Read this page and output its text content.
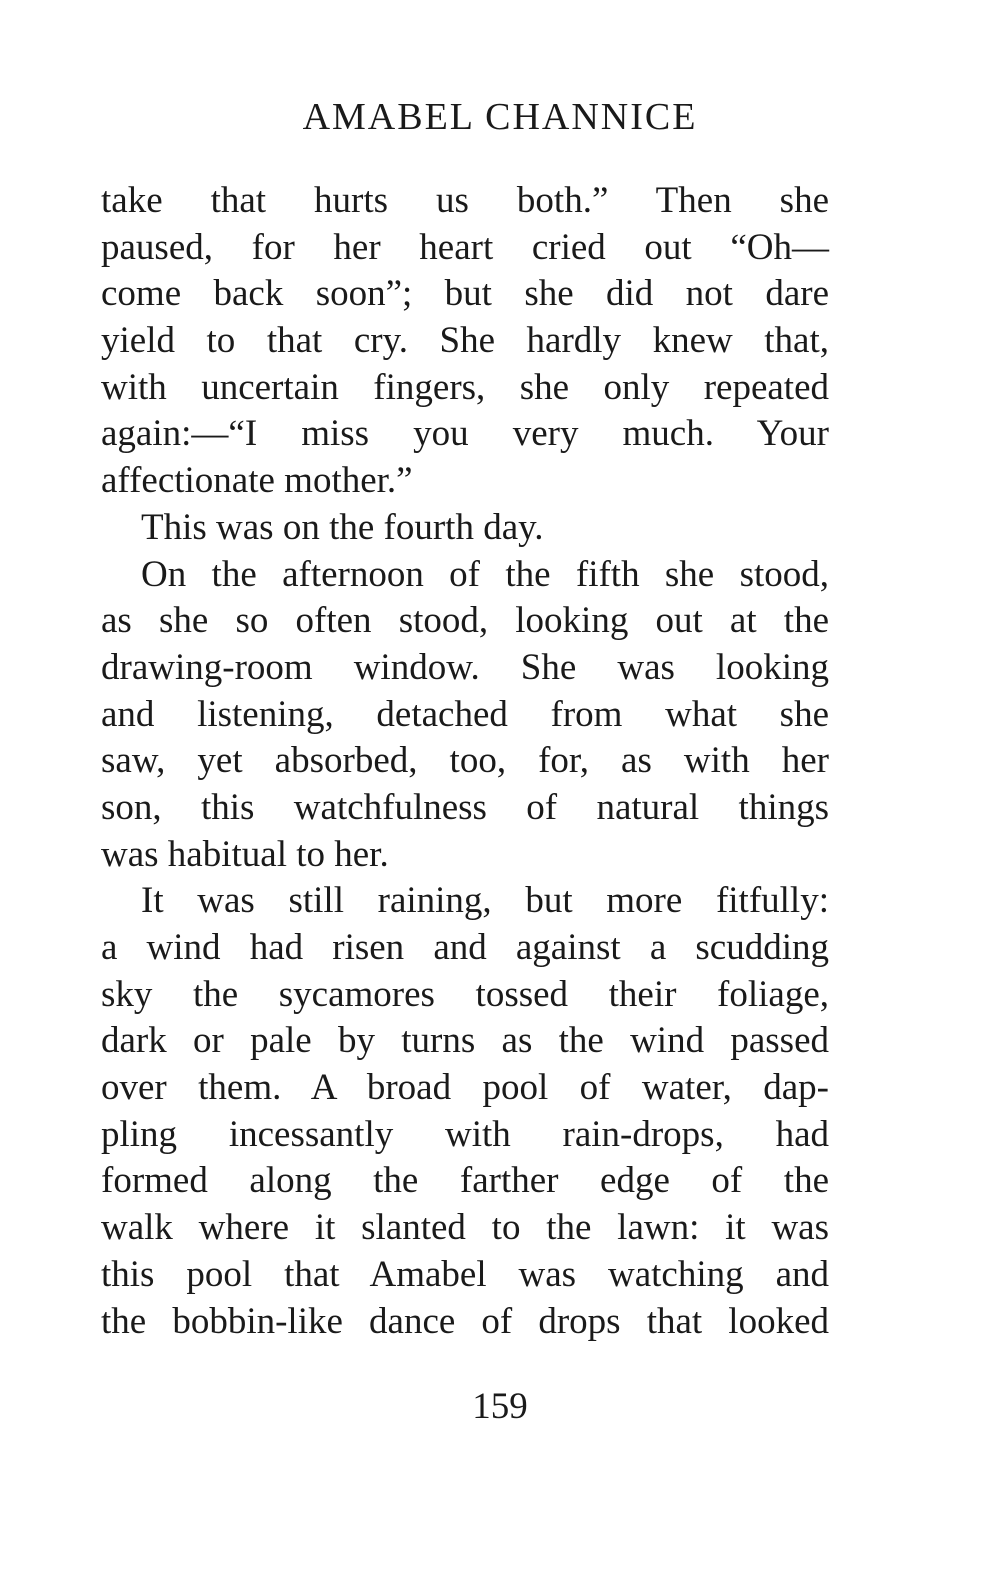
AMABEL CHANNICE
take that hurts us both.” Then she
paused, for her heart cried out “Oh—
come back soon”; but she did not dare
yield to that cry. She hardly knew that,
with uncertain fingers, she only repeated
again:—“I miss you very much. Your
affectionate mother.”
This was on the fourth day.
On the afternoon of the fifth she stood,
as she so often stood, looking out at the
drawing-room window. She was looking
and listening, detached from what she
saw, yet absorbed, too, for, as with her
son, this watchfulness of natural things
was habitual to her.
It was still raining, but more fitfully:
a wind had risen and against a scudding
sky the sycamores tossed their foliage,
dark or pale by turns as the wind passed
over them. A broad pool of water, dap-
pling incessantly with rain-drops, had
formed along the farther edge of the
walk where it slanted to the lawn: it was
this pool that Amabel was watching and
the bobbin-like dance of drops that looked
159
